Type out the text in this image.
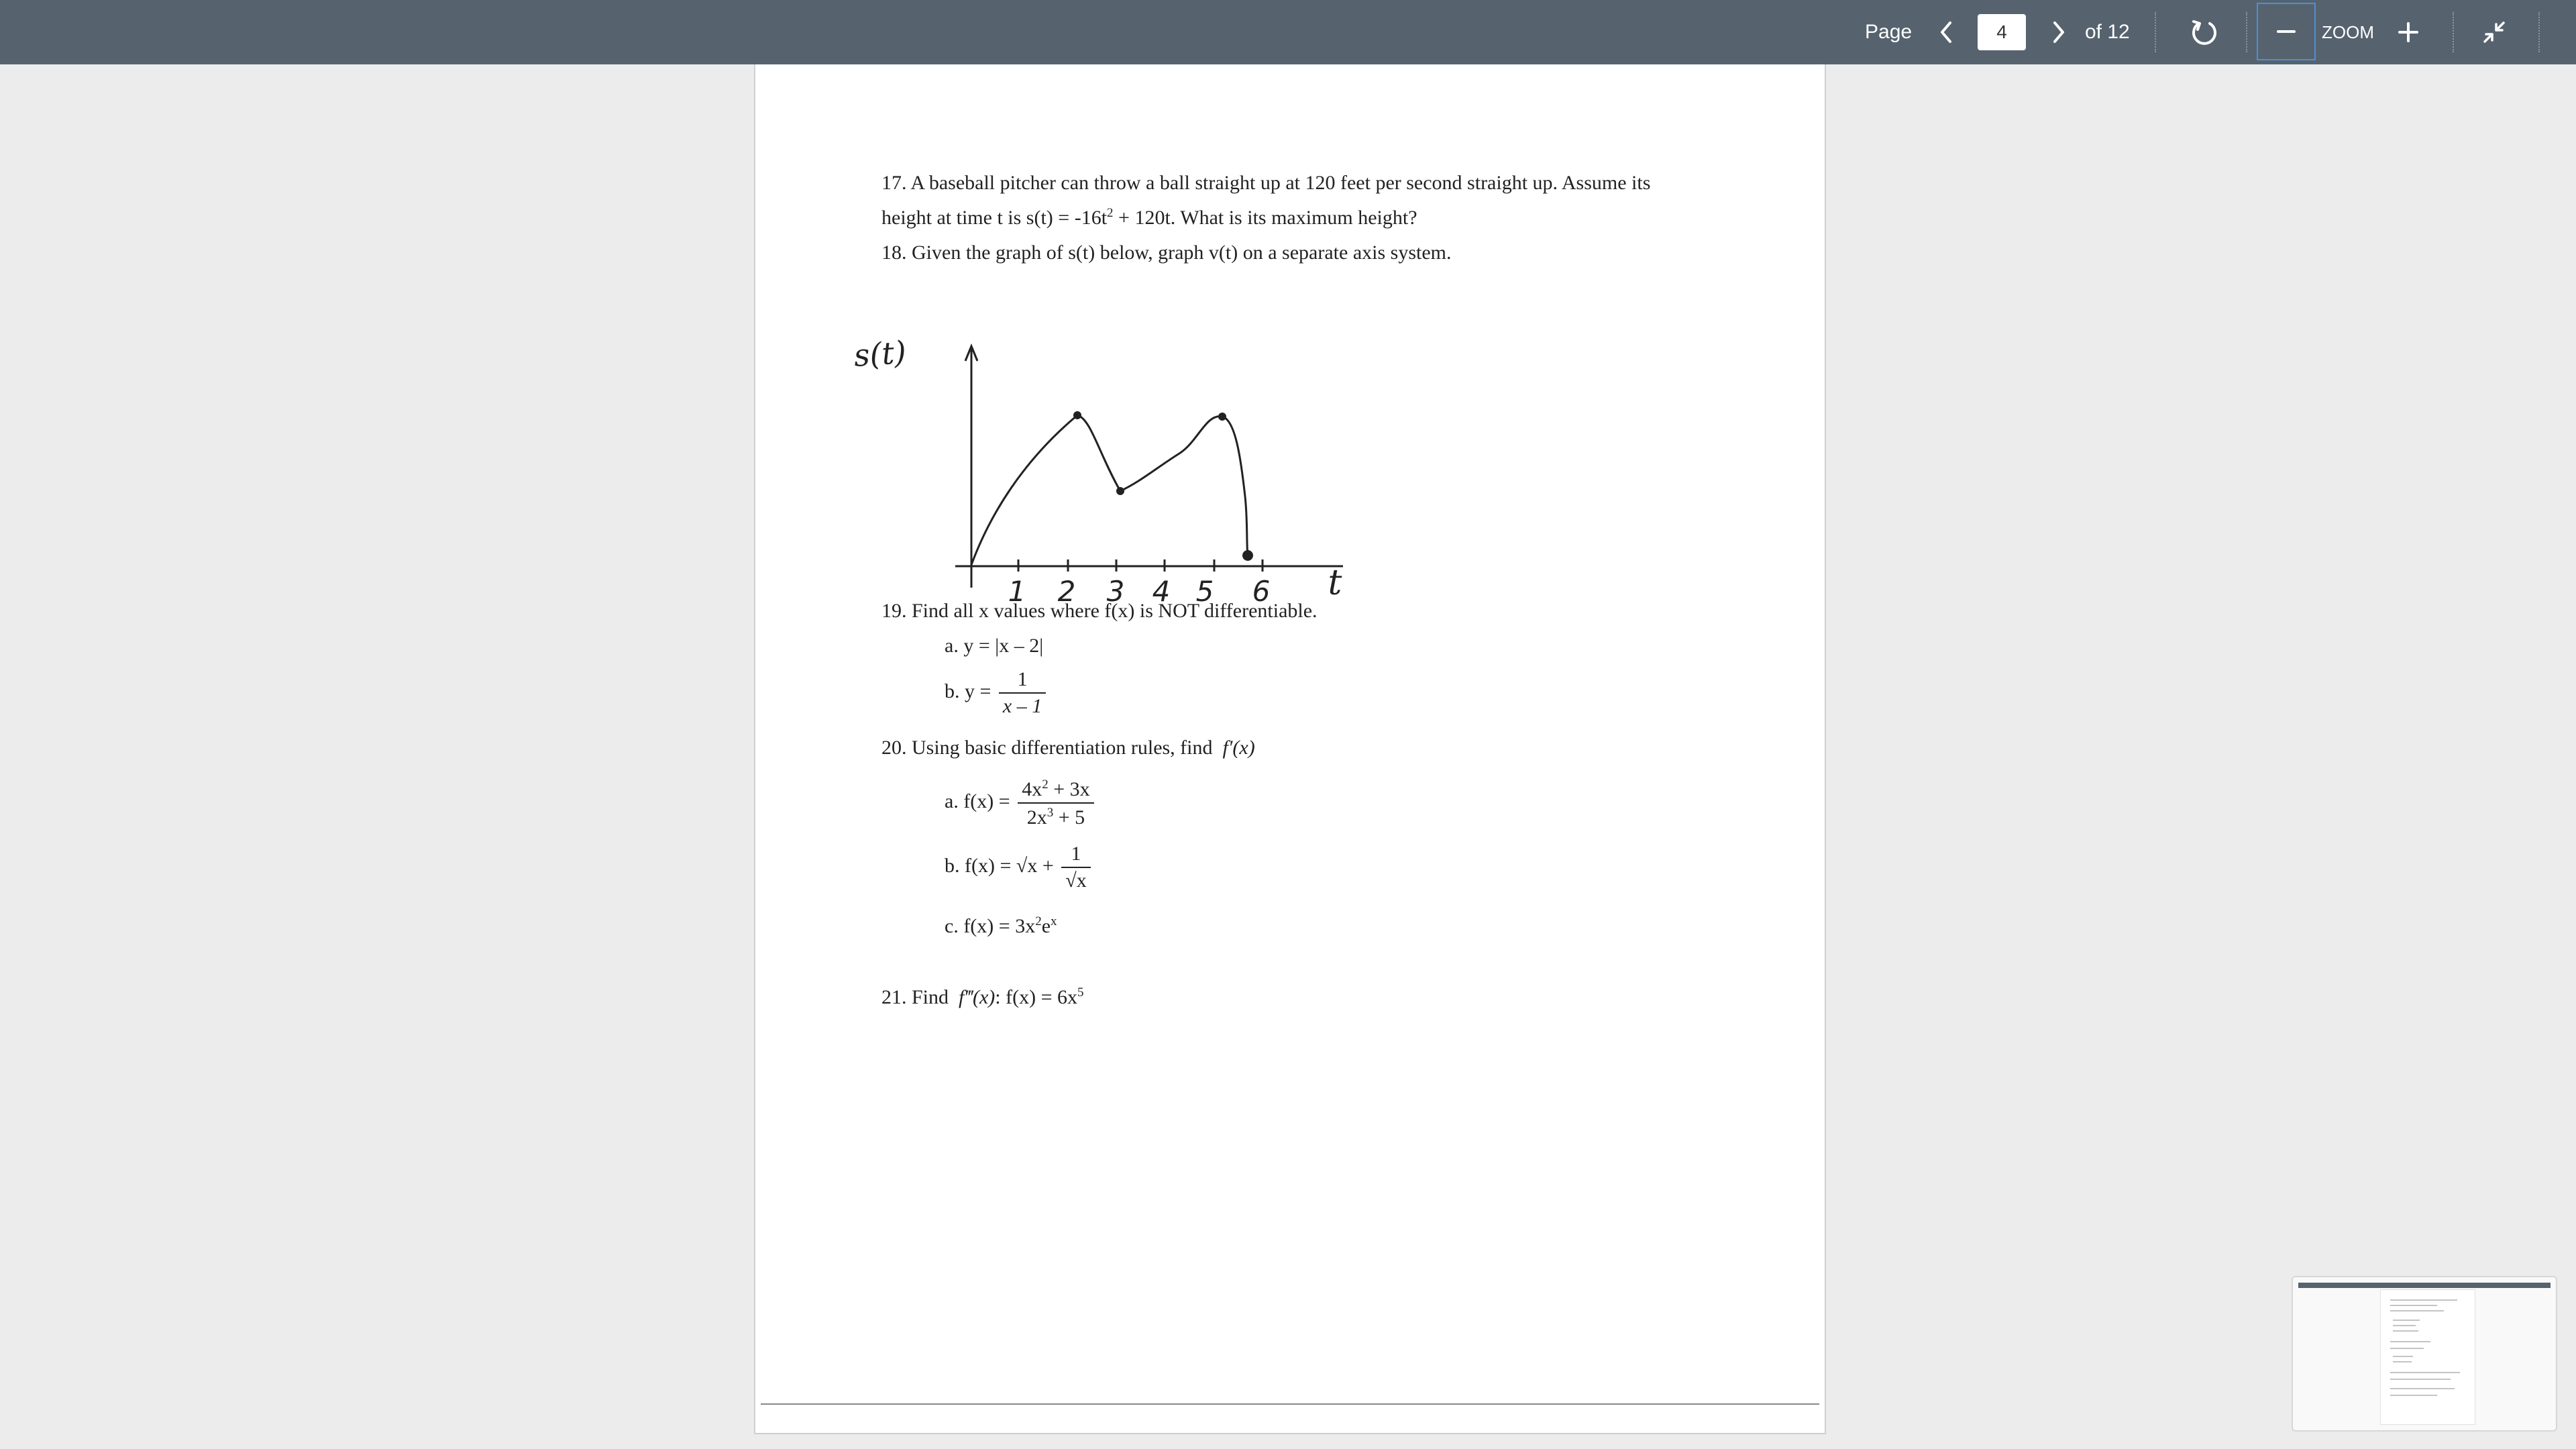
Page
4	of 12	ZOOM
17. A baseball pitcher can throw a ball straight up at 120 feet per second straight up. Assume its
height at time t is $s(t) = -16t^2 + 120t$. What is its maximum height?
18. Given the graph of s(t) below, graph v(t) on a separate axis system.
s(t)
1 2 3 4 5 6 t
19. Find all x values where f(x) is NOT differentiable.
a. y = |x – 2|
b. $y = \frac{1}{x - 1}$
20. Using basic differentiation rules, find f′(x)
a. $f(x) = \frac{4x^2 + 3x}{2x^3 + 5}$
b. $f(x) = √x + \frac{1}{√x}$
c. $f(x) = 3x^2e^x$
21. Find f‴(x): $f(x) = 6x^5$
